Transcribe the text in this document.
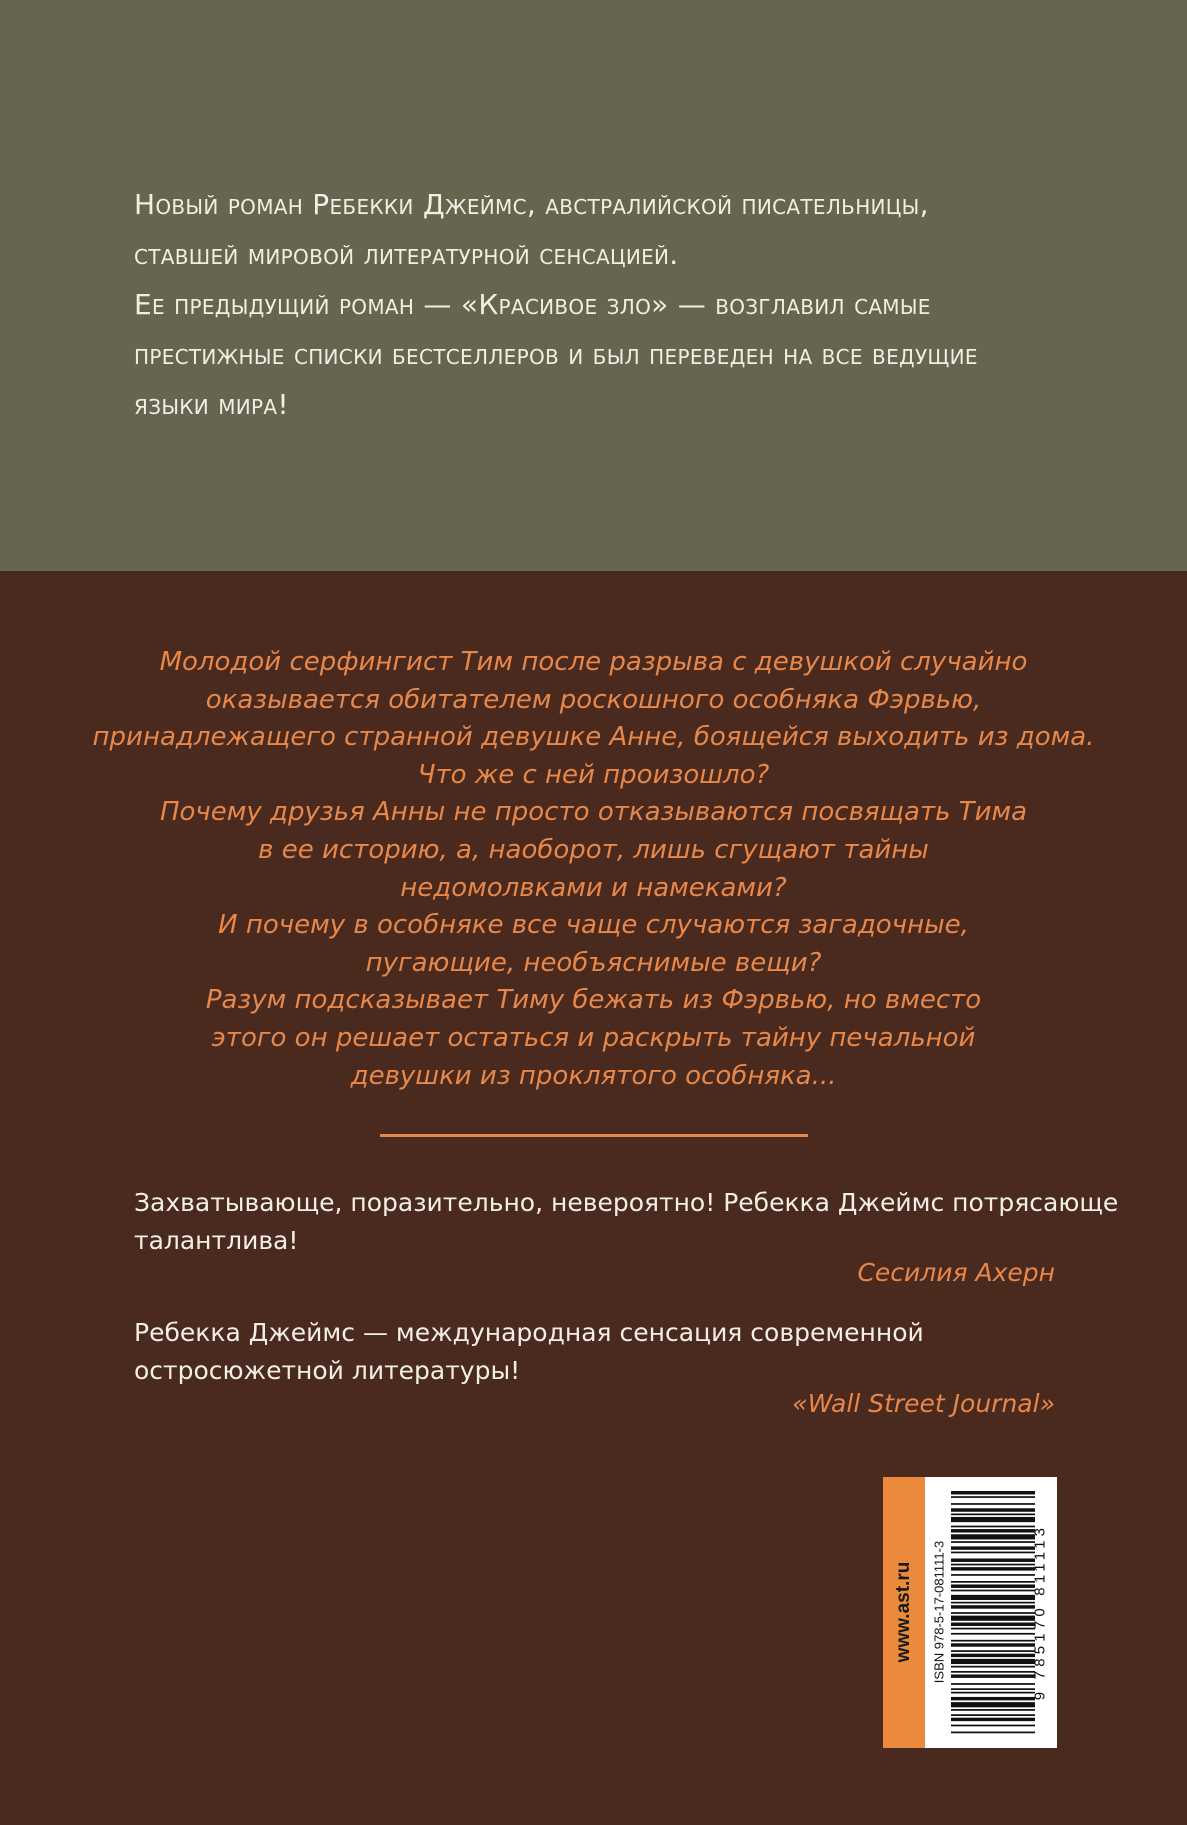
Новый роман Ребекки Джеймс, австралийской писательницы,
ставшей мировой литературной сенсацией.
Ее предыдущий роман — «Красивое зло» — возглавил самые
престижные списки бестселлеров и был переведен на все ведущие
языки мира!
Молодой серфингист Тим после разрыва с девушкой случайно
оказывается обитателем роскошного особняка Фэрвью,
принадлежащего странной девушке Анне, боящейся выходить из дома.
Что же с ней произошло?
Почему друзья Анны не просто отказываются посвящать Тима
в ее историю, а, наоборот, лишь сгущают тайны
недомолвками и намеками?
И почему в особняке все чаще случаются загадочные,
пугающие, необъяснимые вещи?
Разум подсказывает Тиму бежать из Фэрвью, но вместо
этого он решает остаться и раскрыть тайну печальной
девушки из проклятого особняка...
Захватывающе, поразительно, невероятно! Ребекка Джеймс потрясающе
талантлива!
Сесилия Ахерн
Ребекка Джеймс — международная сенсация современной
остросюжетной литературы!
«Wall Street Journal»
www.ast.ru ISBN 978-5-17-081111-3	9 785170 811113
